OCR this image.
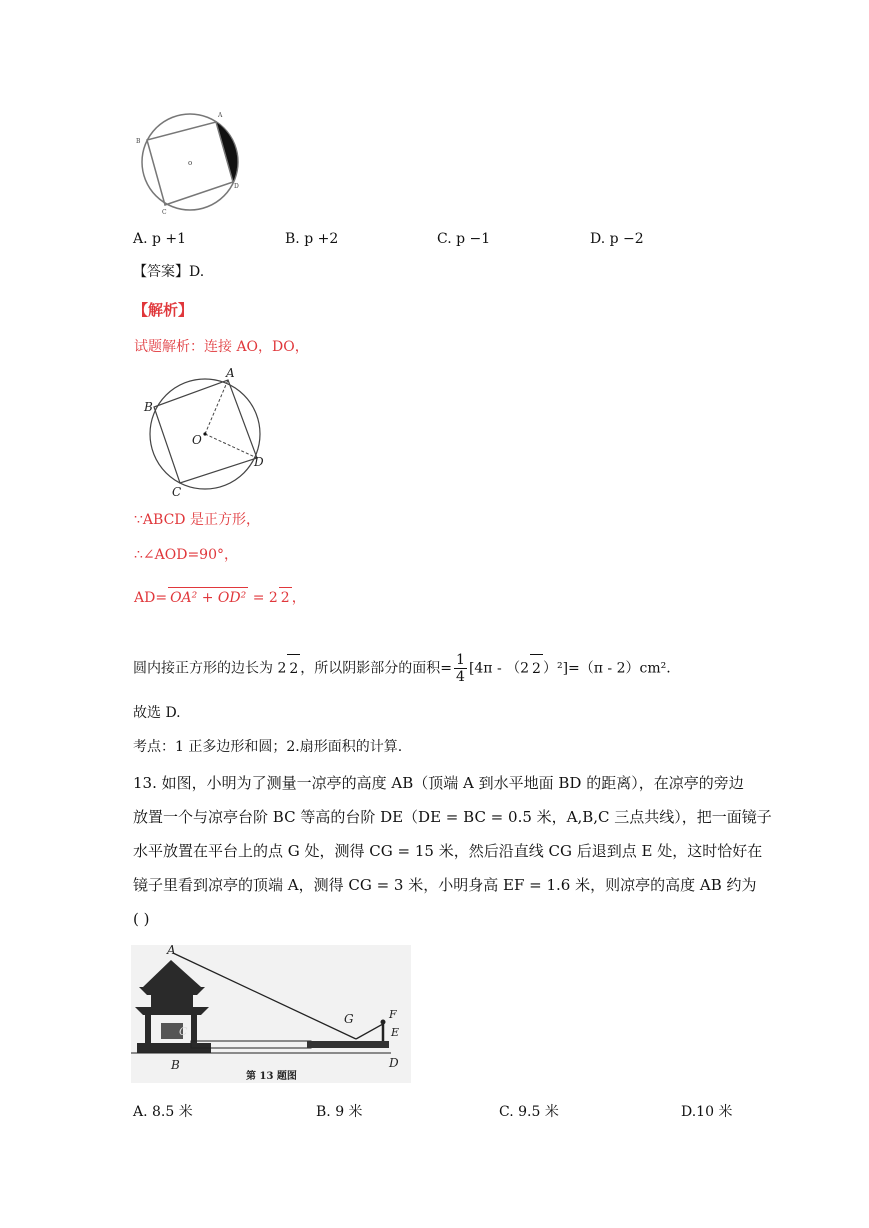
A
B
C
D
o
A. p +1	B. p +2	C. p −1	D. p −2
【答案】D.
【解析】
试题解析：连接 AO，DO，
A
B
C
D
O
∵ABCD 是正方形，
∴∠AOD=90°，
AD= OA² + OD² = 2 2 ，
圆内接正方形的边长为 2 2 ，所以阴影部分的面积= $\frac{1}{4} [4\pi - (2$ 2 ）²]=（π - 2）cm².
故选 D.
考点：1 正多边形和圆；2.扇形面积的计算.

13. 如图，小明为了测量一凉亭的高度 AB（顶端 A 到水平地面 BD 的距离），在凉亭的旁边

放置一个与凉亭台阶 BC 等高的台阶 DE（DE = BC = 0.5 米，A,B,C 三点共线），把一面镜子

水平放置在平台上的点 G 处，测得 CG = 15 米，然后沿直线 CG 后退到点 E 处，这时恰好在

镜子里看到凉亭的顶端 A，测得 CG = 3 米，小明身高 EF = 1.6 米，则凉亭的高度 AB 约为

( )

A
C
B
G	F
E
D
第 13 题图
A. 8.5 米	B. 9 米	C. 9.5 米	D.10 米
